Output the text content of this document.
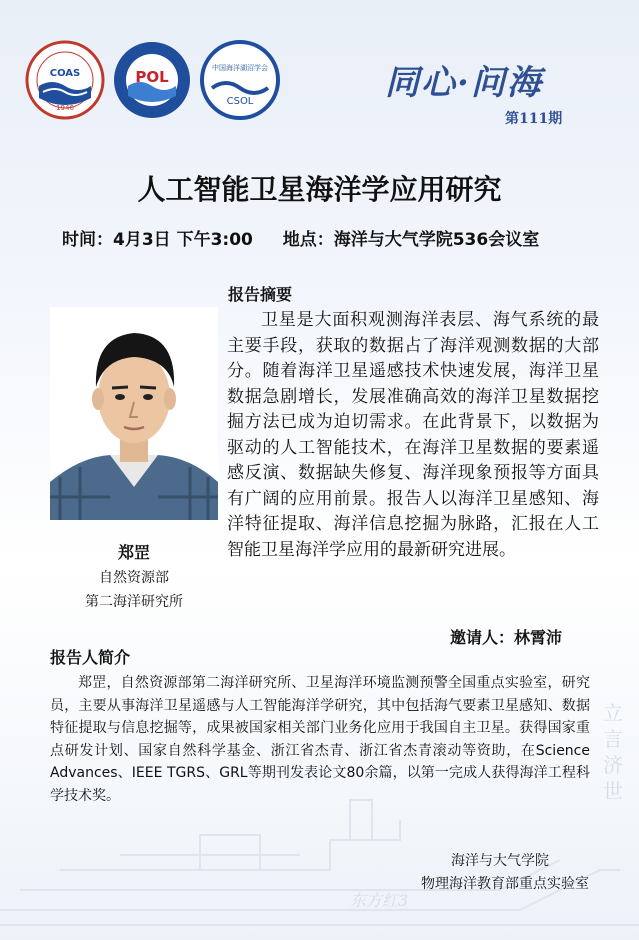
立言济世
东方红3
COAS
1946
POL	中国海洋湖沼学会
CSOL	同心·问海
第111期
人工智能卫星海洋学应用研究
时间：4月3日 下午3:00 地点：海洋与大气学院536会议室
报告摘要
卫星是大面积观测海洋表层、海气系统的最主要手段，获取的数据占了海洋观测数据的大部分。随着海洋卫星遥感技术快速发展，海洋卫星数据急剧增长，发展准确高效的海洋卫星数据挖掘方法已成为迫切需求。在此背景下，以数据为驱动的人工智能技术，在海洋卫星数据的要素遥感反演、数据缺失修复、海洋现象预报等方面具有广阔的应用前景。报告人以海洋卫星感知、海洋特征提取、海洋信息挖掘为脉路，汇报在人工智能卫星海洋学应用的最新研究进展。
郑罡
自然资源部
第二海洋研究所
邀请人：林霄沛
报告人简介
郑罡，自然资源部第二海洋研究所、卫星海洋环境监测预警全国重点实验室，研究员，主要从事海洋卫星遥感与人工智能海洋学研究，其中包括海气要素卫星感知、数据特征提取与信息挖掘等，成果被国家相关部门业务化应用于我国自主卫星。获得国家重点研发计划、国家自然科学基金、浙江省杰青、浙江省杰青滚动等资助，在Science Advances、IEEE TGRS、GRL等期刊发表论文80余篇，以第一完成人获得海洋工程科学技术奖。
海洋与大气学院
物理海洋教育部重点实验室
